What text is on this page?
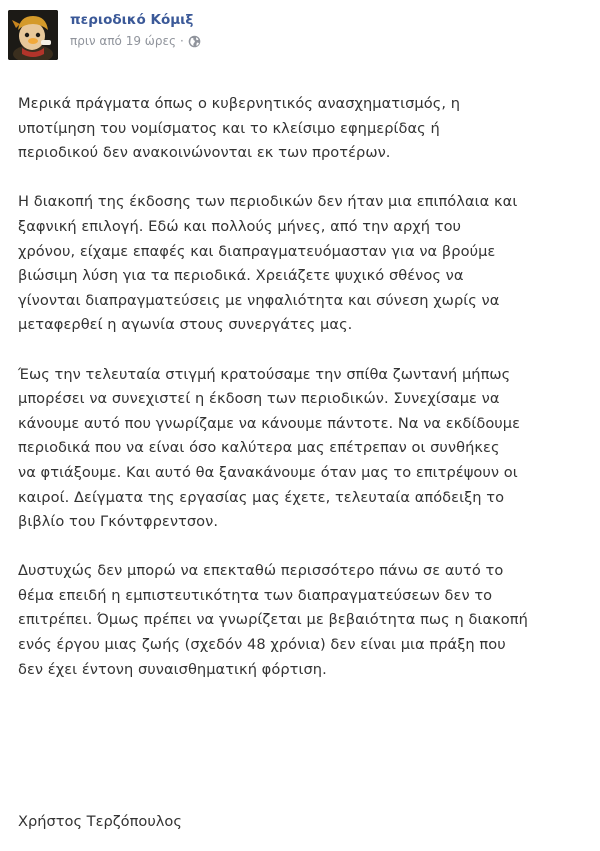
περιοδικό Κόμιξ
πριν από 19 ώρες ·

Μερικά πράγματα όπως ο κυβερνητικός ανασχηματισμός, η
υποτίμηση του νομίσματος και το κλείσιμο εφημερίδας ή
περιοδικού δεν ανακοινώνονται εκ των προτέρων.

Η διακοπή της έκδοσης των περιοδικών δεν ήταν μια επιπόλαια και
ξαφνική επιλογή. Εδώ και πολλούς μήνες, από την αρχή του
χρόνου, είχαμε επαφές και διαπραγματευόμασταν για να βρούμε
βιώσιμη λύση για τα περιοδικά. Χρειάζετε ψυχικό σθένος να
γίνονται διαπραγματεύσεις με νηφαλιότητα και σύνεση χωρίς να
μεταφερθεί η αγωνία στους συνεργάτες μας.

Έως την τελευταία στιγμή κρατούσαμε την σπίθα ζωντανή μήπως
μπορέσει να συνεχιστεί η έκδοση των περιοδικών. Συνεχίσαμε να
κάνουμε αυτό που γνωρίζαμε να κάνουμε πάντοτε. Να να εκδίδουμε
περιοδικά που να είναι όσο καλύτερα μας επέτρεπαν οι συνθήκες
να φτιάξουμε. Και αυτό θα ξανακάνουμε όταν μας το επιτρέψουν οι
καιροί. Δείγματα της εργασίας μας έχετε, τελευταία απόδειξη το
βιβλίο του Γκόντφρεντσον.

Δυστυχώς δεν μπορώ να επεκταθώ περισσότερο πάνω σε αυτό το
θέμα επειδή η εμπιστευτικότητα των διαπραγματεύσεων δεν το
επιτρέπει. Όμως πρέπει να γνωρίζεται με βεβαιότητα πως η διακοπή
ενός έργου μιας ζωής (σχεδόν 48 χρόνια) δεν είναι μια πράξη που
δεν έχει έντονη συναισθηματική φόρτιση.

Χρήστος Τερζόπουλος
